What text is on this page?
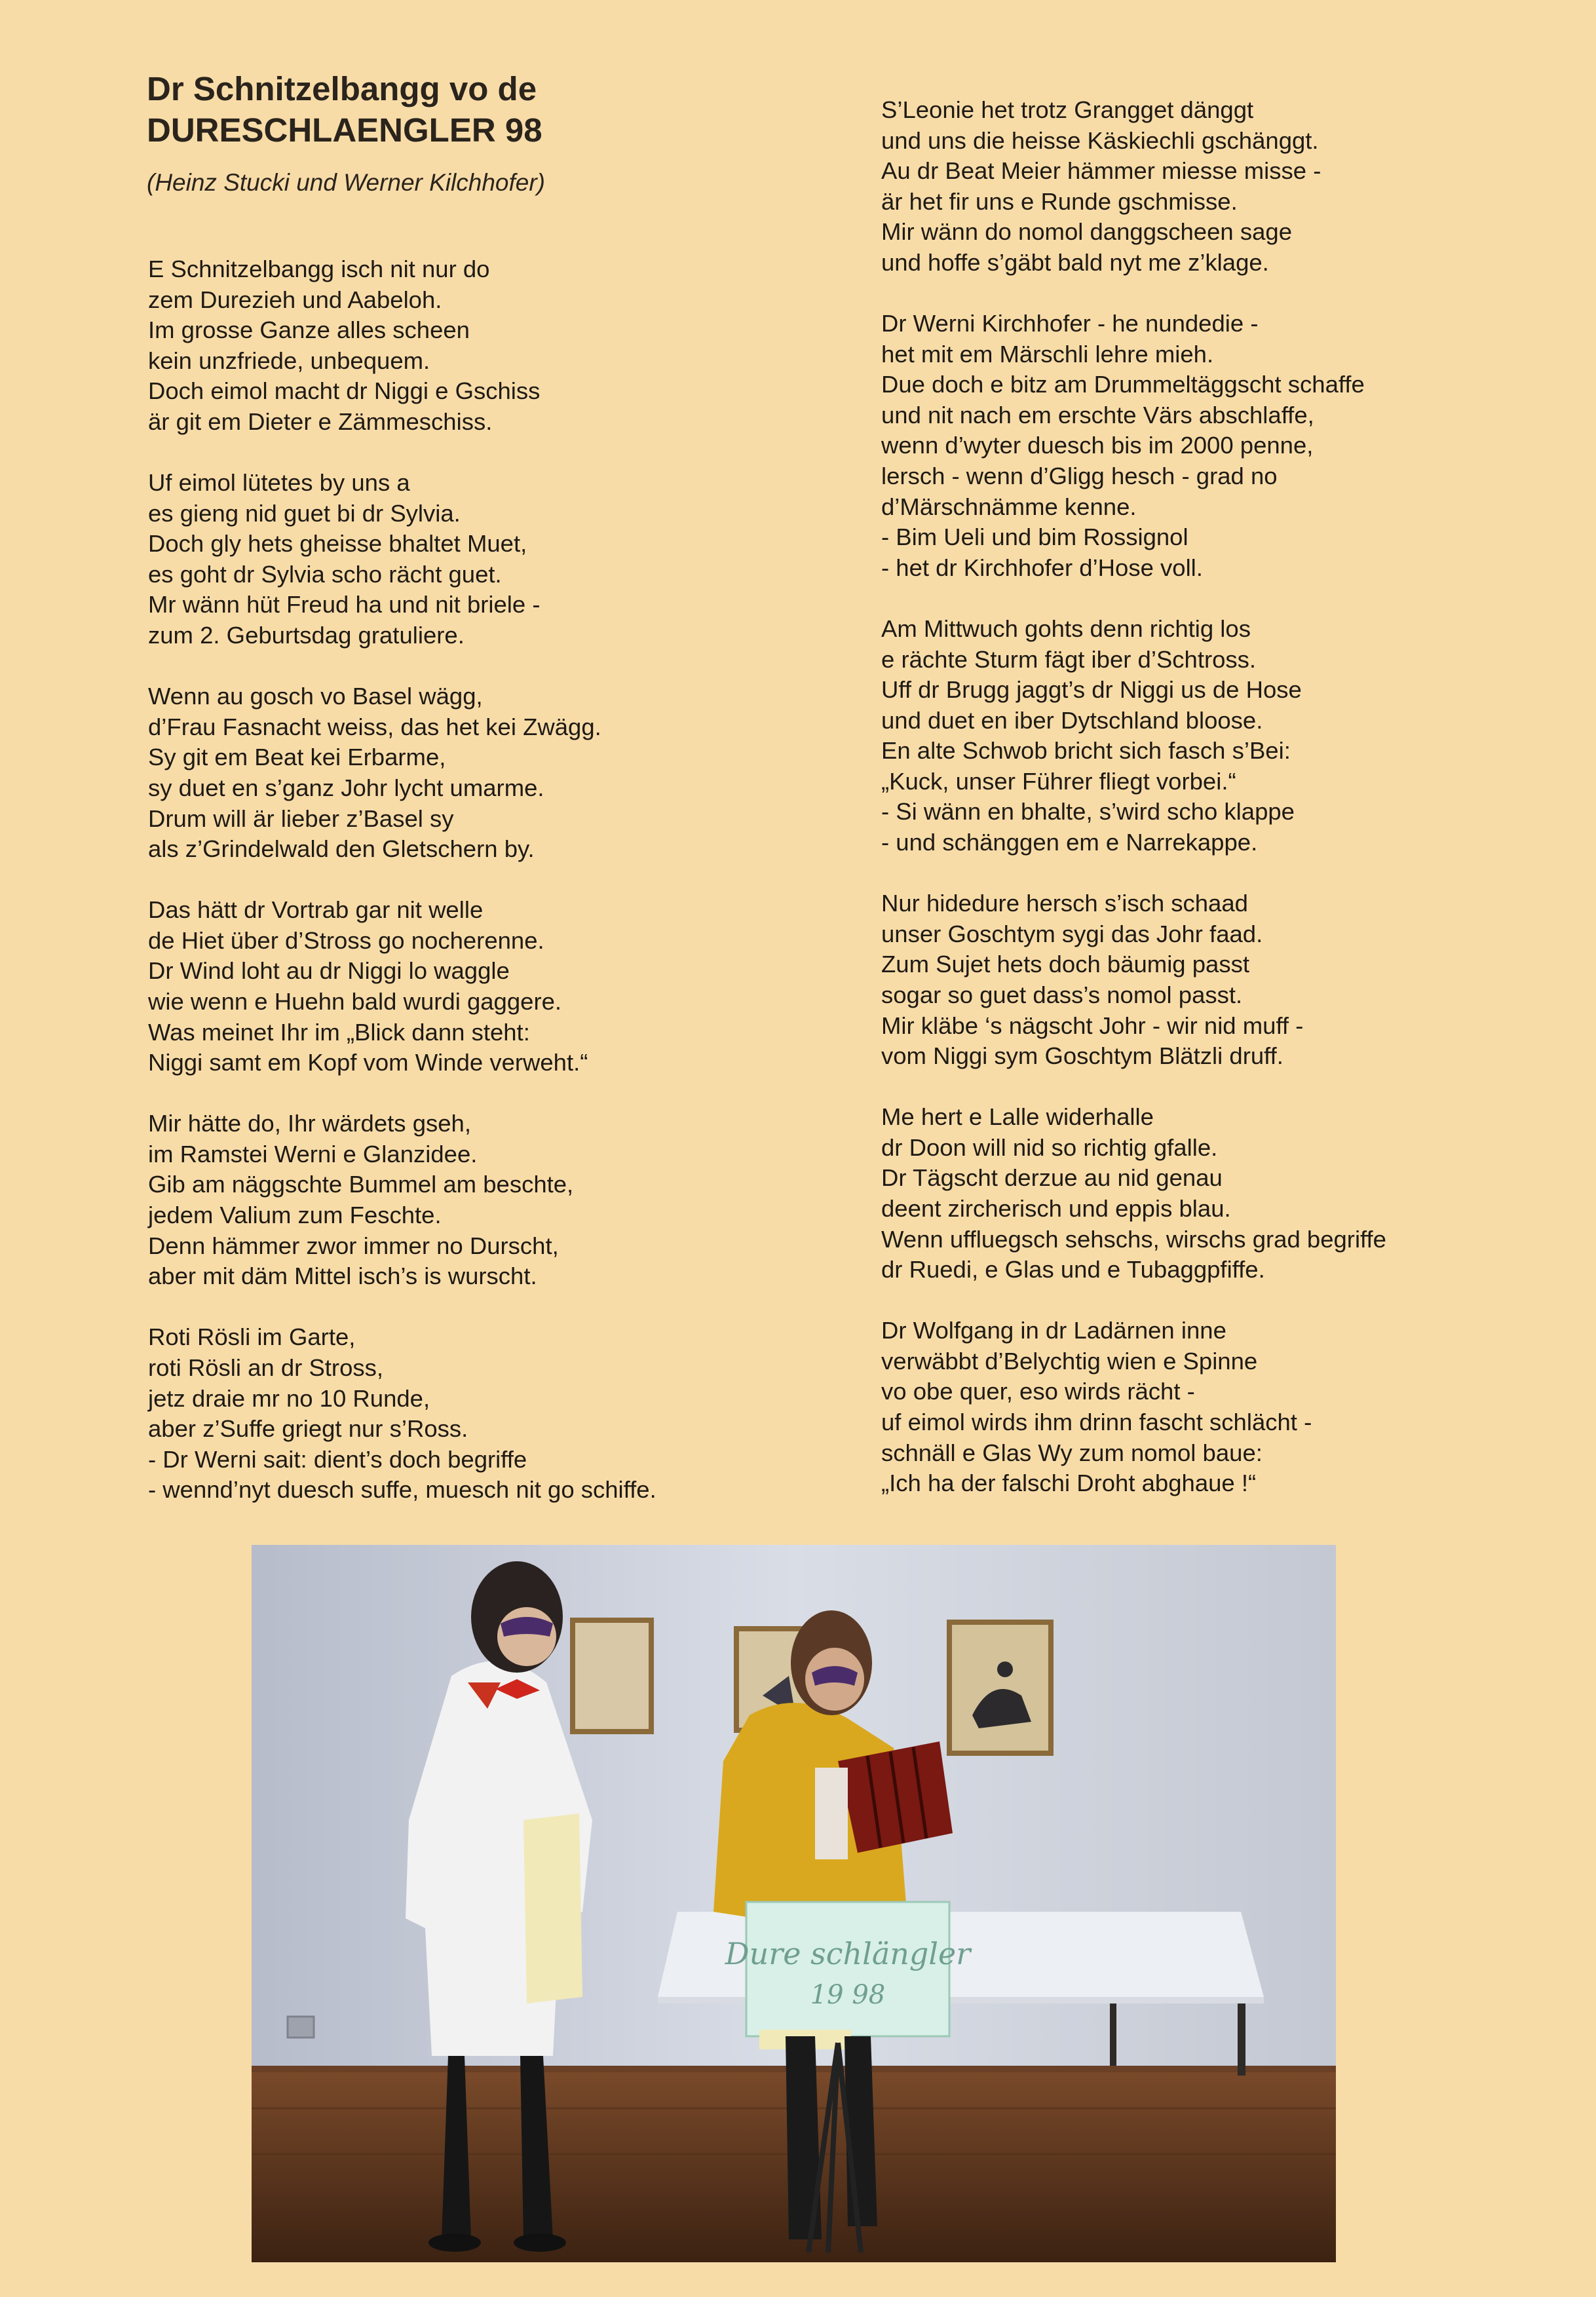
Dr Schnitzelbangg vo de
DURESCHLAENGLER 98
(Heinz Stucki und Werner Kilchhofer)
E Schnitzelbangg isch nit nur do
zem Durezieh und Aabeloh.
Im grosse Ganze alles scheen
kein unzfriede, unbequem.
Doch eimol macht dr Niggi e Gschiss
är git em Dieter e Zämmeschiss.
Uf eimol lütetes by uns a
es gieng nid guet bi dr Sylvia.
Doch gly hets gheisse bhaltet Muet,
es goht dr Sylvia scho rächt guet.
Mr wänn hüt Freud ha und nit briele -
zum 2. Geburtsdag gratuliere.
Wenn au gosch vo Basel wägg,
d’Frau Fasnacht weiss, das het kei Zwägg.
Sy git em Beat kei Erbarme,
sy duet en s’ganz Johr lycht umarme.
Drum will är lieber z’Basel sy
als z’Grindelwald den Gletschern by.
Das hätt dr Vortrab gar nit welle
de Hiet über d’Stross go nocherenne.
Dr Wind loht au dr Niggi lo waggle
wie wenn e Huehn bald wurdi gaggere.
Was meinet Ihr im „Blick dann steht:
Niggi samt em Kopf vom Winde verweht.“
Mir hätte do, Ihr wärdets gseh,
im Ramstei Werni e Glanzidee.
Gib am näggschte Bummel am beschte,
jedem Valium zum Feschte.
Denn hämmer zwor immer no Durscht,
aber mit däm Mittel isch’s is wurscht.
Roti Rösli im Garte,
roti Rösli an dr Stross,
jetz draie mr no 10 Runde,
aber z’Suffe griegt nur s’Ross.
- Dr Werni sait: dient’s doch begriffe
- wennd’nyt duesch suffe, muesch nit go schiffe.
S’Leonie het trotz Grangget dänggt
und uns die heisse Käskiechli gschänggt.
Au dr Beat Meier hämmer miesse misse -
är het fir uns e Runde gschmisse.
Mir wänn do nomol danggscheen sage
und hoffe s’gäbt bald nyt me z’klage.
Dr Werni Kirchhofer - he nundedie -
het mit em Märschli lehre mieh.
Due doch e bitz am Drummeltäggscht schaffe
und nit nach em erschte Värs abschlaffe,
wenn d’wyter duesch bis im 2000 penne,
lersch - wenn d’Gligg hesch - grad no
d’Märschnämme kenne.
- Bim Ueli und bim Rossignol
- het dr Kirchhofer d’Hose voll.
Am Mittwuch gohts denn richtig los
e rächte Sturm fägt iber d’Schtross.
Uff dr Brugg jaggt’s dr Niggi us de Hose
und duet en iber Dytschland bloose.
En alte Schwob bricht sich fasch s’Bei:
„Kuck, unser Führer fliegt vorbei.“
- Si wänn en bhalte, s’wird scho klappe
- und schänggen em e Narrekappe.
Nur hidedure hersch s’isch schaad
unser Goschtym sygi das Johr faad.
Zum Sujet hets doch bäumig passt
sogar so guet dass’s nomol passt.
Mir kläbe ‘s nägscht Johr - wir nid muff -
vom Niggi sym Goschtym Blätzli druff.
Me hert e Lalle widerhalle
dr Doon will nid so richtig gfalle.
Dr Tägscht derzue au nid genau
deent zircherisch und eppis blau.
Wenn uffluegsch sehschs, wirschs grad begriffe
dr Ruedi, e Glas und e Tubaggpfiffe.
Dr Wolfgang in dr Ladärnen inne
verwäbbt d’Belychtig wien e Spinne
vo obe quer, eso wirds rächt -
uf eimol wirds ihm drinn fascht schlächt -
schnäll e Glas Wy zum nomol baue:
„Ich ha der falschi Droht abghaue !“
Dure schlängler
19 98
